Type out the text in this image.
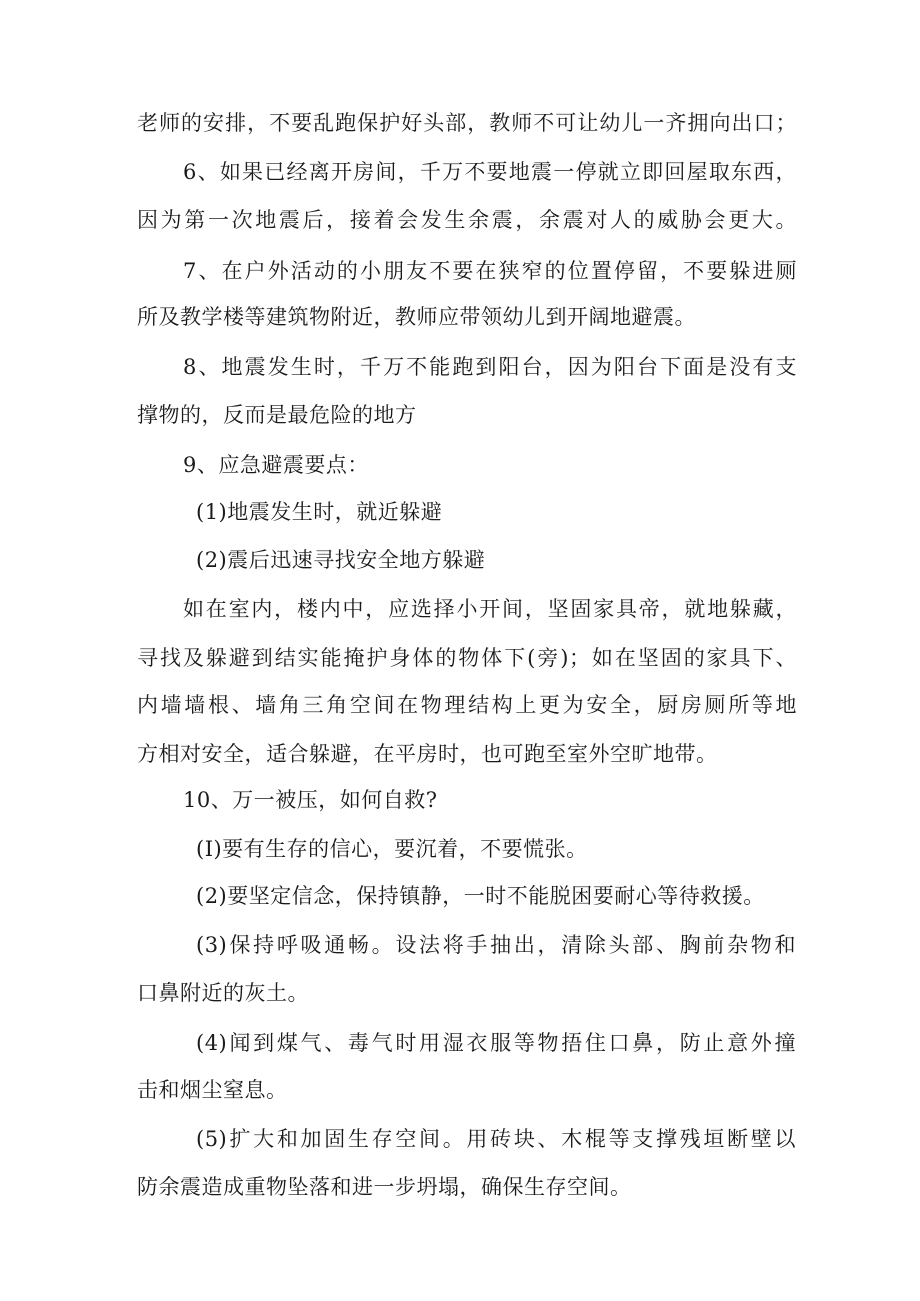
老师的安排，不要乱跑保护好头部，教师不可让幼儿一齐拥向出口；
6、如果已经离开房间，千万不要地震一停就立即回屋取东西，
因为第一次地震后，接着会发生余震，余震对人的威胁会更大。
7、在户外活动的小朋友不要在狭窄的位置停留，不要躲进厕
所及教学楼等建筑物附近，教师应带领幼儿到开阔地避震。
8、地震发生时，千万不能跑到阳台，因为阳台下面是没有支
撑物的，反而是最危险的地方
9、应急避震要点：
(1)地震发生时，就近躲避
(2)震后迅速寻找安全地方躲避
如在室内，楼内中，应选择小开间，坚固家具帝，就地躲藏，
寻找及躲避到结实能掩护身体的物体下(旁)；如在坚固的家具下、
内墙墙根、墙角三角空间在物理结构上更为安全，厨房厕所等地
方相对安全，适合躲避，在平房时，也可跑至室外空旷地带。
10、万一被压，如何自救?
(I)要有生存的信心，要沉着，不要慌张。
(2)要坚定信念，保持镇静，一时不能脱困要耐心等待救援。
(3)保持呼吸通畅。设法将手抽出，清除头部、胸前杂物和
口鼻附近的灰土。
(4)闻到煤气、毒气时用湿衣服等物捂住口鼻，防止意外撞
击和烟尘窒息。
(5)扩大和加固生存空间。用砖块、木棍等支撑残垣断壁以
防余震造成重物坠落和进一步坍塌，确保生存空间。
